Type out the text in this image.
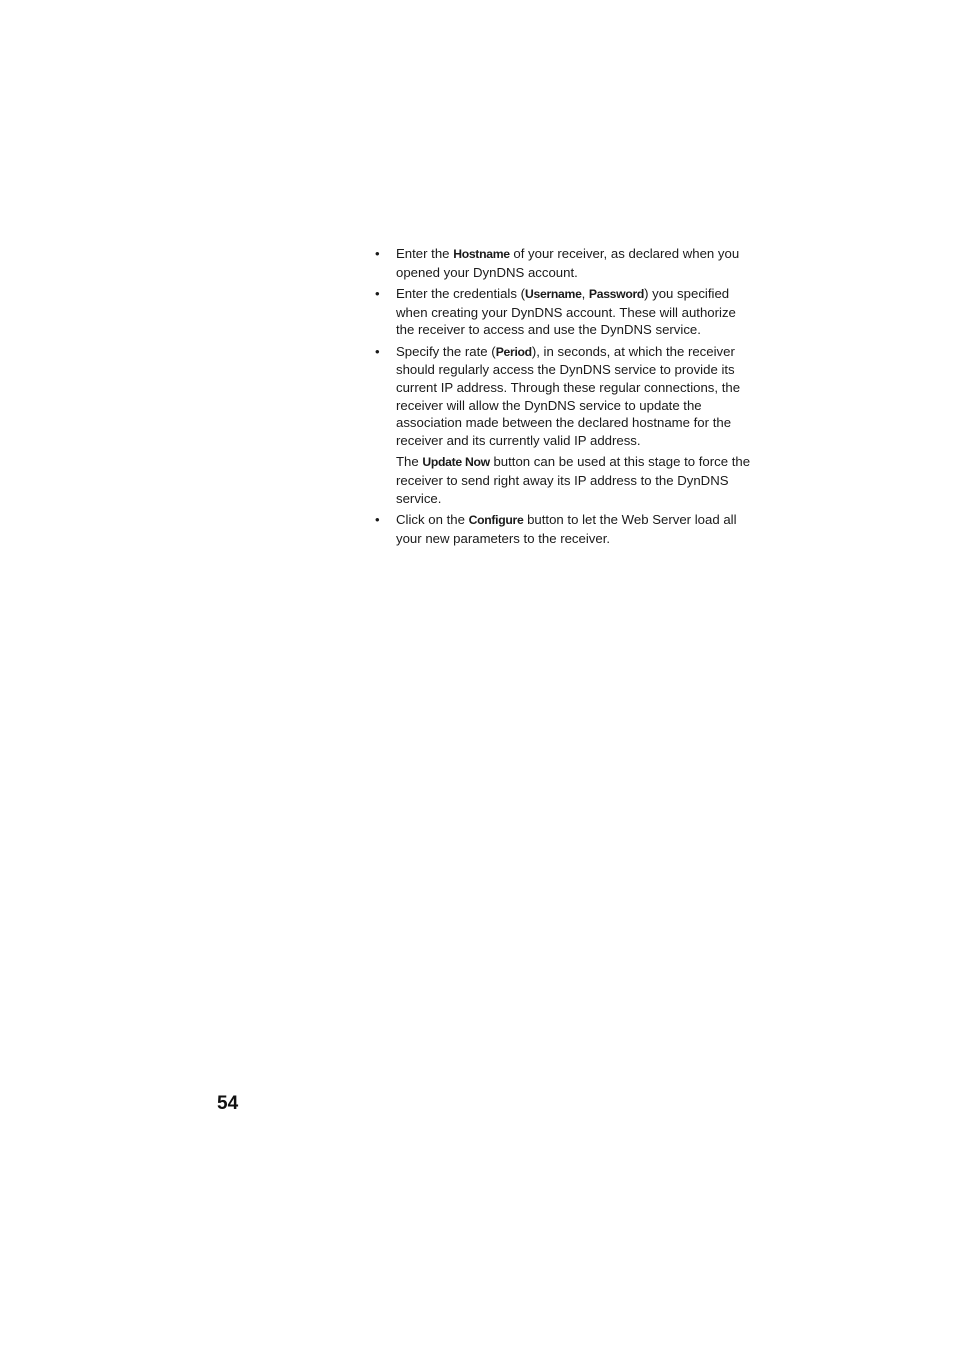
• Enter the Hostname of your receiver, as declared when you opened your DynDNS account.
• Enter the credentials (Username, Password) you specified when creating your DynDNS account. These will authorize the receiver to access and use the DynDNS service.
• Specify the rate (Period), in seconds, at which the receiver should regularly access the DynDNS service to provide its current IP address. Through these regular connections, the receiver will allow the DynDNS service to update the association made between the declared hostname for the receiver and its currently valid IP address.
The Update Now button can be used at this stage to force the receiver to send right away its IP address to the DynDNS service.
• Click on the Configure button to let the Web Server load all your new parameters to the receiver.
54
